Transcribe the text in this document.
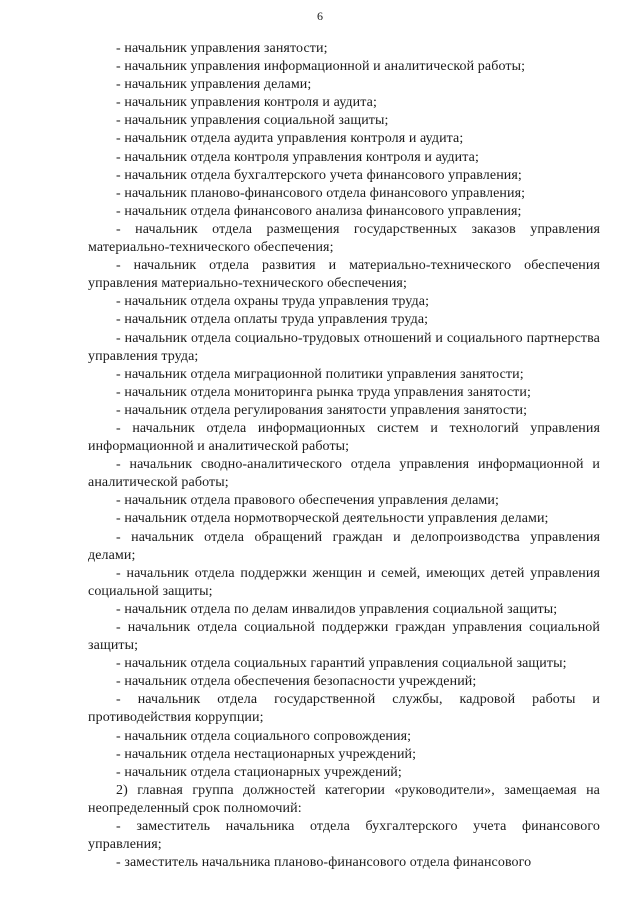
6

- начальник управления занятости;

- начальник управления информационной и аналитической работы;

- начальник управления делами;

- начальник управления контроля и аудита;

- начальник управления социальной защиты;

- начальник отдела аудита управления контроля и аудита;

- начальник отдела контроля управления контроля и аудита;

- начальник отдела бухгалтерского учета финансового управления;

- начальник планово-финансового отдела финансового управления;

- начальник отдела финансового анализа финансового управления;

- начальник отдела размещения государственных заказов управления материально-технического обеспечения;

- начальник отдела развития и материально-технического обеспечения управления материально-технического обеспечения;

- начальник отдела охраны труда управления труда;

- начальник отдела оплаты труда управления труда;

- начальник отдела социально-трудовых отношений и социального партнерства управления труда;

- начальник отдела миграционной политики управления занятости;

- начальник отдела мониторинга рынка труда управления занятости;

- начальник отдела регулирования занятости управления занятости;

- начальник отдела информационных систем и технологий управления информационной и аналитической работы;

- начальник сводно-аналитического отдела управления информационной и аналитической работы;

- начальник отдела правового обеспечения управления делами;

- начальник отдела нормотворческой деятельности управления делами;

- начальник отдела обращений граждан и делопроизводства управления делами;

- начальник отдела поддержки женщин и семей, имеющих детей управления социальной защиты;

- начальник отдела по делам инвалидов управления социальной защиты;

- начальник отдела социальной поддержки граждан управления социальной защиты;

- начальник отдела социальных гарантий управления социальной защиты;

- начальник отдела обеспечения безопасности учреждений;

- начальник отдела государственной службы, кадровой работы и противодействия коррупции;

- начальник отдела социального сопровождения;

- начальник отдела нестационарных учреждений;

- начальник отдела стационарных учреждений;

2) главная группа должностей категории «руководители», замещаемая на неопределенный срок полномочий:

- заместитель начальника отдела бухгалтерского учета финансового управления;

- заместитель начальника планово-финансового отдела финансового
